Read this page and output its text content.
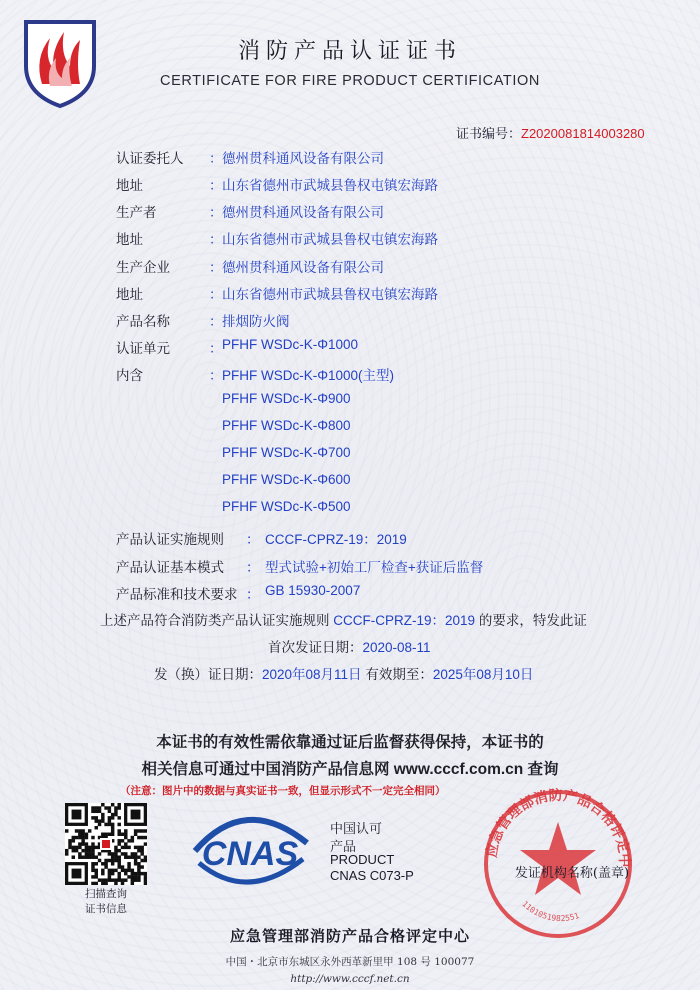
消防产品认证证书
CERTIFICATE FOR FIRE PRODUCT CERTIFICATION
证书编号：Z2020081814003280
认证委托人 ： 德州贯科通风设备有限公司
地址	： 山东省德州市武城县鲁权屯镇宏海路
生产者	： 德州贯科通风设备有限公司
地址	： 山东省德州市武城县鲁权屯镇宏海路
生产企业	： 德州贯科通风设备有限公司
地址	： 山东省德州市武城县鲁权屯镇宏海路
产品名称	： 排烟防火阀
认证单元	： PFHF WSDc-K-Φ1000
内含	： PFHF WSDc-K-Φ1000(主型)
PFHF WSDc-K-Φ900
PFHF WSDc-K-Φ800
PFHF WSDc-K-Φ700
PFHF WSDc-K-Φ600
PFHF WSDc-K-Φ500
产品认证实施规则 ： CCCF-CPRZ-19：2019
产品认证基本模式 ： 型式试验+初始工厂检查+获证后监督
产品标准和技术要求 ： GB 15930-2007
上述产品符合消防类产品认证实施规则 CCCF-CPRZ-19：2019 的要求，特发此证
首次发证日期：2020-08-11
发（换）证日期：2020年08月11日 有效期至：2025年08月10日
本证书的有效性需依靠通过证后监督获得保持，本证书的
相关信息可通过中国消防产品信息网 www.cccf.com.cn 查询
（注意：图片中的数据与真实证书一致，但显示形式不一定完全相同）
扫描查询
证书信息
CNAS
中国认可
产品
PRODUCT
CNAS C073-P
应急管理部消防产品合格评定中
1101051982551
发证机构名称(盖章)
应急管理部消防产品合格评定中心
中国・北京市东城区永外西革新里甲 108 号 100077
http://www.cccf.net.cn
